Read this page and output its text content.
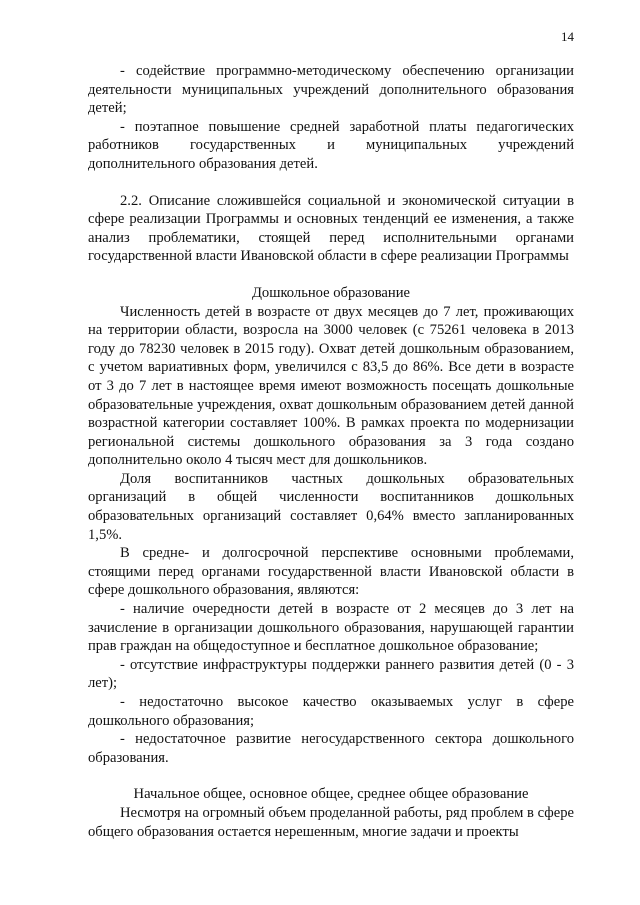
14

- содействие программно-методическому обеспечению организации деятельности муниципальных учреждений дополнительного образования детей;

- поэтапное повышение средней заработной платы педагогических работников государственных и муниципальных учреждений дополнительного образования детей.

2.2. Описание сложившейся социальной и экономической ситуации в сфере реализации Программы и основных тенденций ее изменения, а также анализ проблематики, стоящей перед исполнительными органами государственной власти Ивановской области в сфере реализации Программы

Дошкольное образование

Численность детей в возрасте от двух месяцев до 7 лет, проживающих на территории области, возросла на 3000 человек (с 75261 человека в 2013 году до 78230 человек в 2015 году). Охват детей дошкольным образованием, с учетом вариативных форм, увеличился с 83,5 до 86%. Все дети в возрасте от 3 до 7 лет в настоящее время имеют возможность посещать дошкольные образовательные учреждения, охват дошкольным образованием детей данной возрастной категории составляет 100%. В рамках проекта по модернизации региональной системы дошкольного образования за 3 года создано дополнительно около 4 тысяч мест для дошкольников.

Доля воспитанников частных дошкольных образовательных организаций в общей численности воспитанников дошкольных образовательных организаций составляет 0,64% вместо запланированных 1,5%.

В средне- и долгосрочной перспективе основными проблемами, стоящими перед органами государственной власти Ивановской области в сфере дошкольного образования, являются:

- наличие очередности детей в возрасте от 2 месяцев до 3 лет на зачисление в организации дошкольного образования, нарушающей гарантии прав граждан на общедоступное и бесплатное дошкольное образование;

- отсутствие инфраструктуры поддержки раннего развития детей (0 - 3 лет);

- недостаточно высокое качество оказываемых услуг в сфере дошкольного образования;

- недостаточное развитие негосударственного сектора дошкольного образования.

Начальное общее, основное общее, среднее общее образование

Несмотря на огромный объем проделанной работы, ряд проблем в сфере общего образования остается нерешенным, многие задачи и проекты
